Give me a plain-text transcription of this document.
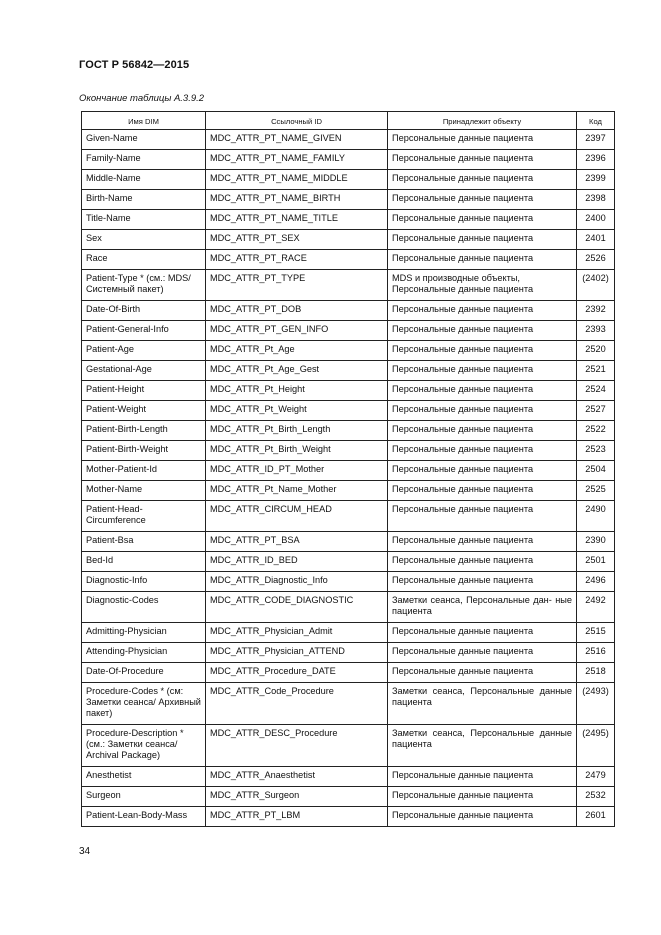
ГОСТ Р 56842—2015
Окончание таблицы А.3.9.2
Имя DIM	Ссылочный ID	Принадлежит объекту	Код
Given-Name	MDC_ATTR_PT_NAME_GIVEN	Персональные данные пациента	2397
Family-Name	MDC_ATTR_PT_NAME_FAMILY	Персональные данные пациента	2396
Middle-Name	MDC_ATTR_PT_NAME_MIDDLE	Персональные данные пациента	2399
Birth-Name	MDC_ATTR_PT_NAME_BIRTH	Персональные данные пациента	2398
Title-Name	MDC_ATTR_PT_NAME_TITLE	Персональные данные пациента	2400
Sex	MDC_ATTR_PT_SEX	Персональные данные пациента	2401
Race	MDC_ATTR_PT_RACE	Персональные данные пациента	2526
Patient-Type * (см.: MDS/ Системный пакет)	MDC_ATTR_PT_TYPE	MDS и производные объекты, Персональные данные пациента	(2402)
Date-Of-Birth	MDC_ATTR_PT_DOB	Персональные данные пациента	2392
Patient-General-Info	MDC_ATTR_PT_GEN_INFO	Персональные данные пациента	2393
Patient-Age	MDC_ATTR_Pt_Age	Персональные данные пациента	2520
Gestational-Age	MDC_ATTR_Pt_Age_Gest	Персональные данные пациента	2521
Patient-Height	MDC_ATTR_Pt_Height	Персональные данные пациента	2524
Patient-Weight	MDC_ATTR_Pt_Weight	Персональные данные пациента	2527
Patient-Birth-Length	MDC_ATTR_Pt_Birth_Length	Персональные данные пациента	2522
Patient-Birth-Weight	MDC_ATTR_Pt_Birth_Weight	Персональные данные пациента	2523
Mother-Patient-Id	MDC_ATTR_ID_PT_Mother	Персональные данные пациента	2504
Mother-Name	MDC_ATTR_Pt_Name_Mother	Персональные данные пациента	2525
Patient-Head- Circumference	MDC_ATTR_CIRCUM_HEAD	Персональные данные пациента	2490
Patient-Bsa	MDC_ATTR_PT_BSA	Персональные данные пациента	2390
Bed-Id	MDC_ATTR_ID_BED	Персональные данные пациента	2501
Diagnostic-Info	MDC_ATTR_Diagnostic_Info	Персональные данные пациента	2496
Diagnostic-Codes	MDC_ATTR_CODE_DIAGNOSTIC	Заметки сеанса, Персональные дан- ные пациента	2492
Admitting-Physician	MDC_ATTR_Physician_Admit	Персональные данные пациента	2515
Attending-Physician	MDC_ATTR_Physician_ATTEND	Персональные данные пациента	2516
Date-Of-Procedure	MDC_ATTR_Procedure_DATE	Персональные данные пациента	2518
Procedure-Codes * (см: Заметки сеанса/ Архивный пакет)	MDC_ATTR_Code_Procedure	Заметки сеанса, Персональные данные пациента	(2493)
Procedure-Description * (см.: Заметки сеанса/ Archival Package)	MDC_ATTR_DESC_Procedure	Заметки сеанса, Персональные данные пациента	(2495)
Anesthetist	MDC_ATTR_Anaesthetist	Персональные данные пациента	2479
Surgeon	MDC_ATTR_Surgeon	Персональные данные пациента	2532
Patient-Lean-Body-Mass	MDC_ATTR_PT_LBM	Персональные данные пациента	2601
34
